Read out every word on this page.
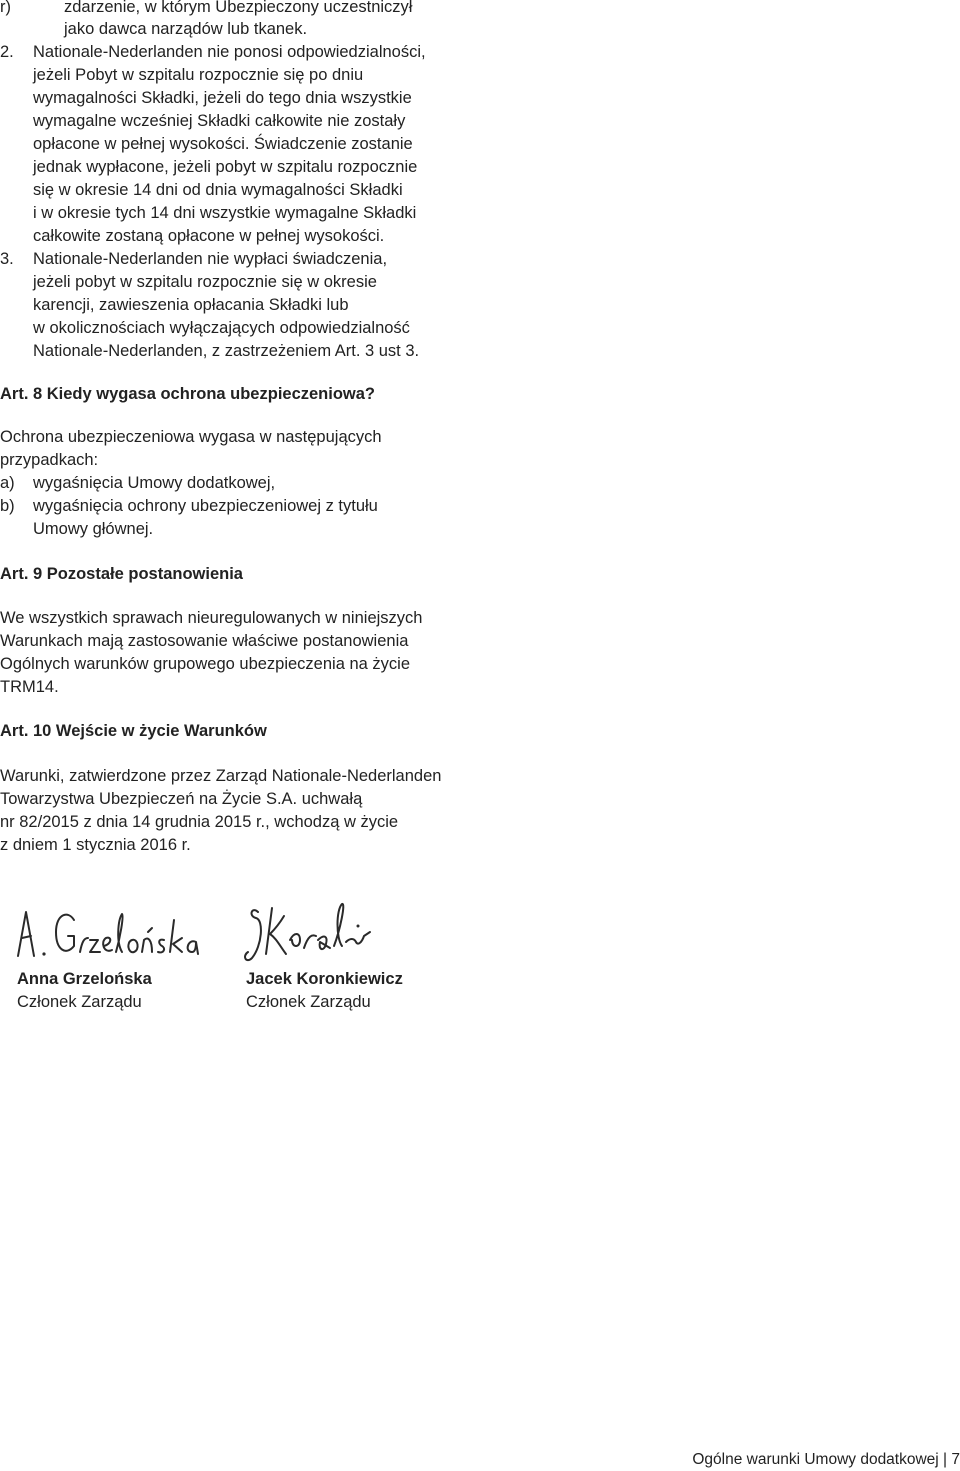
r)	zdarzenie, w którym Ubezpieczony uczestniczył
jako dawca narządów lub tkanek.
2. Nationale-Nederlanden nie ponosi odpowiedzialności,
jeżeli Pobyt w szpitalu rozpocznie się po dniu
wymagalności Składki, jeżeli do tego dnia wszystkie
wymagalne wcześniej Składki całkowite nie zostały
opłacone w pełnej wysokości. Świadczenie zostanie
jednak wypłacone, jeżeli pobyt w szpitalu rozpocznie
się w okresie 14 dni od dnia wymagalności Składki
i w okresie tych 14 dni wszystkie wymagalne Składki
całkowite zostaną opłacone w pełnej wysokości.
3. Nationale-Nederlanden nie wypłaci świadczenia,
jeżeli pobyt w szpitalu rozpocznie się w okresie
karencji, zawieszenia opłacania Składki lub
w okolicznościach wyłączających odpowiedzialność
Nationale-Nederlanden, z zastrzeżeniem Art. 3 ust 3.
Art. 8 Kiedy wygasa ochrona ubezpieczeniowa?
Ochrona ubezpieczeniowa wygasa w następujących
przypadkach:
a) wygaśnięcia Umowy dodatkowej,
b) wygaśnięcia ochrony ubezpieczeniowej z tytułu
Umowy głównej.
Art. 9 Pozostałe postanowienia
We wszystkich sprawach nieuregulowanych w niniejszych
Warunkach mają zastosowanie właściwe postanowienia
Ogólnych warunków grupowego ubezpieczenia na życie
TRM14.
Art. 10 Wejście w życie Warunków
Warunki, zatwierdzone przez Zarząd Nationale-Nederlanden
Towarzystwa Ubezpieczeń na Życie S.A. uchwałą
nr 82/2015 z dnia 14 grudnia 2015 r., wchodzą w życie
z dniem 1 stycznia 2016 r.
Anna Grzelońska
Członek Zarządu
Jacek Koronkiewicz
Członek Zarządu
Ogólne warunki Umowy dodatkowej | 7
